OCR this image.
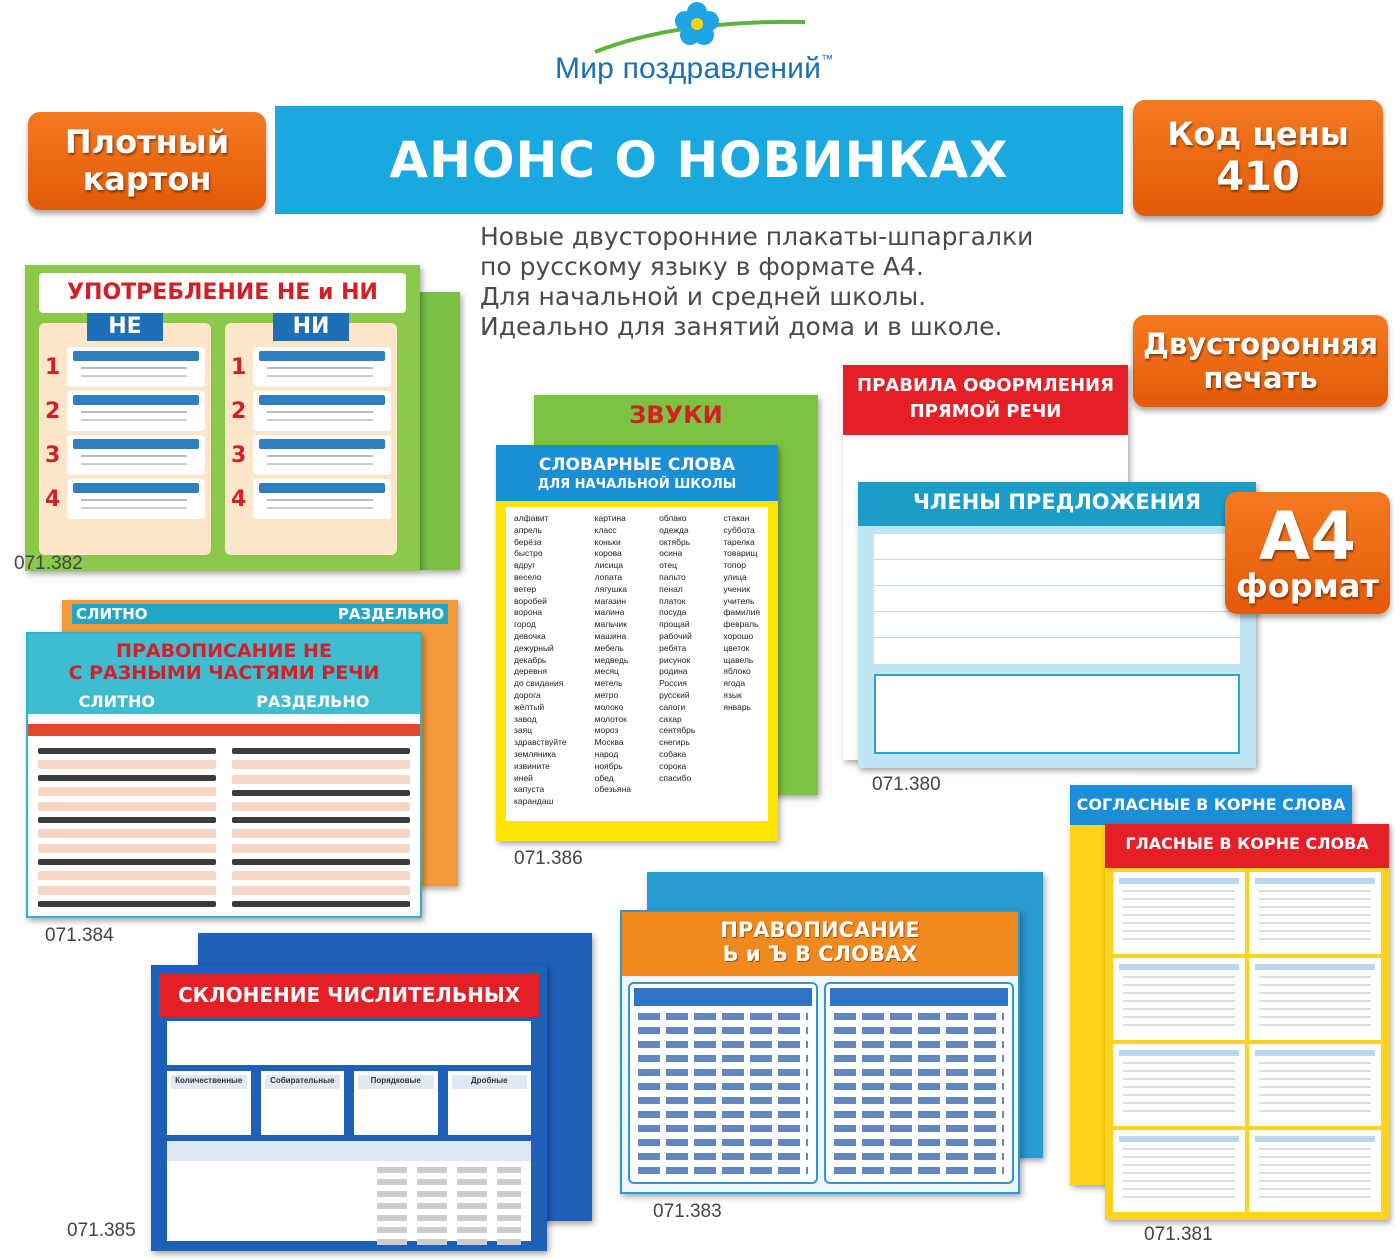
Мир поздравлений™
АНОНС О НОВИНКАХ
Плотный
картон
Код цены
410
Двусторонняя
печать
Новые двусторонние плакаты-шпаргалки
по русскому языку в формате А4.
Для начальной и средней школы.
Идеально для занятий дома и в школе.
УПОТРЕБЛЕНИЕ НЕ и НИ
НЕ
1
2
3
4
НИ
1
2
3
4
071.382
СЛИТНО	РАЗДЕЛЬНО
ПРАВОПИСАНИЕ НЕ
С РАЗНЫМИ ЧАСТЯМИ РЕЧИ
СЛИТНО	РАЗДЕЛЬНО
071.384
ЗВУКИ
СЛОВАРНЫЕ СЛОВА
ДЛЯ НАЧАЛЬНОЙ ШКОЛЫ
алфавит
апрель
берёза
быстро
вдруг
весело
ветер
воробей
ворона
город
девочка
дежурный
декабрь
деревня
до свидания
дорога
жёлтый
завод
заяц
здравствуйте
земляника
извините
иней
капуста
карандаш
картина
класс
коньки
корова
лисица
лопата
лягушка
магазин
малина
мальчик
машина
мебель
медведь
месяц
метель
метро
молоко
молоток
мороз
Москва
народ
ноябрь
обед
обезьяна
облако
одежда
октябрь
осина
отец
пальто
пенал
платок
посуда
прощай
рабочий
ребята
рисунок
родина
Россия
русский
сапоги
сахар
сентябрь
снегирь
собака
сорока
спасибо
стакан
суббота
тарелка
товарищ
топор
улица
ученик
учитель
фамилия
февраль
хорошо
цветок
щавель
яблоко
ягода
язык
январь
071.386
ПРАВИЛА ОФОРМЛЕНИЯ
ПРЯМОЙ РЕЧИ
ЧЛЕНЫ ПРЕДЛОЖЕНИЯ
071.380
А4
формат
СОГЛАСНЫЕ В КОРНЕ СЛОВА
ГЛАСНЫЕ В КОРНЕ СЛОВА
071.381
ПРАВОПИСАНИЕ
Ь и Ъ В СЛОВАХ
071.383
СКЛОНЕНИЕ ЧИСЛИТЕЛЬНЫХ
Количественные	Собирательные	Порядковые	Дробные
071.385
